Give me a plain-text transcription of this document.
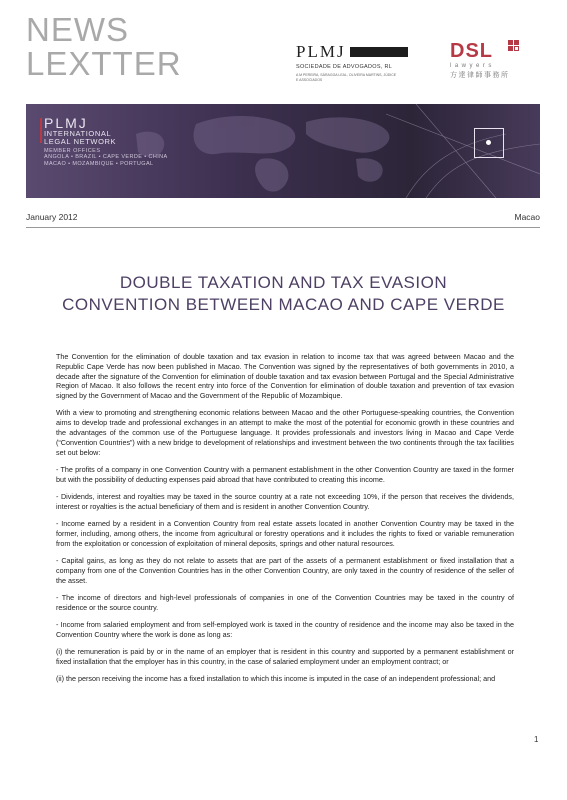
NEWS
LEXTTER	PLMJ
SOCIEDADE DE ADVOGADOS, RL
A M PEREIRA, SÁRAGGA LEAL, OLIVEIRA MARTINS, JÚDICE
E ASSOCIADOS
DSL
lawyers
方達律師事務所
PLMJ
INTERNATIONAL
LEGAL NETWORK
MEMBER OFFICES
ANGOLA • BRAZIL • CAPE VERDE • CHINA
MACAO • MOZAMBIQUE • PORTUGAL
January 2012	Macao
DOUBLE TAXATION AND TAX EVASION
CONVENTION BETWEEN MACAO AND CAPE VERDE

The Convention for the elimination of double taxation and tax evasion in relation to income tax that was agreed between Macao and the Republic Cape Verde has now been published in Macao. The Convention was signed by the representatives of both governments in 2010, a decade after the signature of the Convention for elimination of double taxation and tax evasion between Portugal and the Special Administrative Region of Macao. It also follows the recent entry into force of the Convention for elimination of double taxation and prevention of tax evasion signed by the Government of Macao and the Government of the Republic of Mozambique.

With a view to promoting and strengthening economic relations between Macao and the other Portuguese-speaking countries, the Convention aims to develop trade and professional exchanges in an attempt to make the most of the potential for economic growth in these countries and the advantages of the common use of the Portuguese language. It provides professionals and investors living in Macao and Cape Verde (“Convention Countries”) with a new bridge to development of relationships and investment between the two continents through the tax facilities set out below:

- The profits of a company in one Convention Country with a permanent establishment in the other Convention Country are taxed in the former but with the possibility of deducting expenses paid abroad that have contributed to creating this income.

- Dividends, interest and royalties may be taxed in the source country at a rate not exceeding 10%, if the person that receives the dividends, interest or royalties is the actual beneficiary of them and is resident in another Convention Country.

- Income earned by a resident in a Convention Country from real estate assets located in another Convention Country may be taxed in the former, including, among others, the income from agricultural or forestry operations and it includes the rights to fixed or variable remuneration from the exploitation or concession of exploitation of mineral deposits, springs and other natural resources.

- Capital gains, as long as they do not relate to assets that are part of the assets of a permanent establishment or fixed installation that a company from one of the Convention Countries has in the other Convention Country, are only taxed in the country of residence of the seller of the asset.

- The income of directors and high-level professionals of companies in one of the Convention Countries may be taxed in the country of residence or the source country.

- Income from salaried employment and from self-employed work is taxed in the country of residence and the income may also be taxed in the Convention Country where the work is done as long as:

(i) the remuneration is paid by or in the name of an employer that is resident in this country and supported by a permanent establishment or fixed installation that the employer has in this country, in the case of salaried employment under an employment contract; or

(ii) the person receiving the income has a fixed installation to which this income is imputed in the case of an independent professional; and

1
